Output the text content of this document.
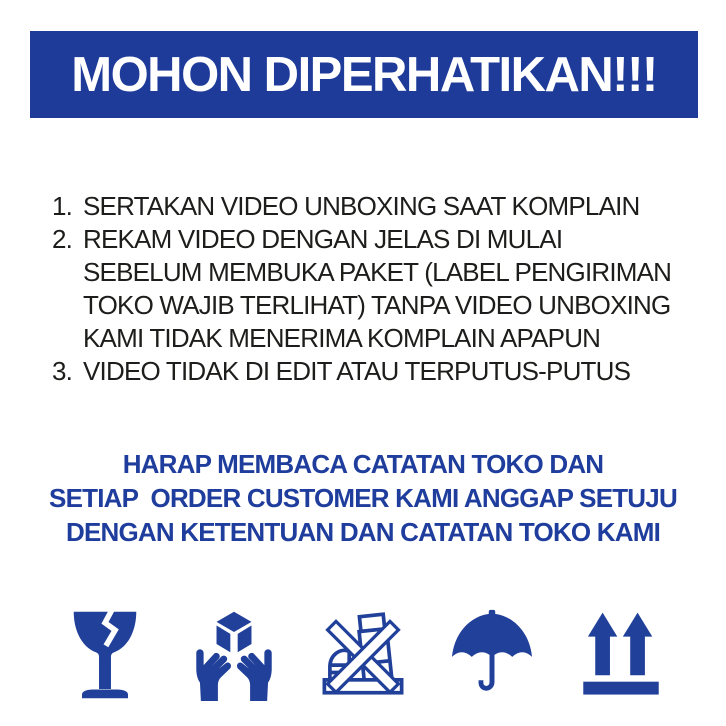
MOHON DIPERHATIKAN!!!
1. SERTAKAN VIDEO UNBOXING SAAT KOMPLAIN
2. REKAM VIDEO DENGAN JELAS DI MULAI
SEBELUM MEMBUKA PAKET (LABEL PENGIRIMAN
TOKO WAJIB TERLIHAT) TANPA VIDEO UNBOXING
KAMI TIDAK MENERIMA KOMPLAIN APAPUN
3. VIDEO TIDAK DI EDIT ATAU TERPUTUS-PUTUS
HARAP MEMBACA CATATAN TOKO DAN
SETIAP  ORDER CUSTOMER KAMI ANGGAP SETUJU
DENGAN KETENTUAN DAN CATATAN TOKO KAMI
